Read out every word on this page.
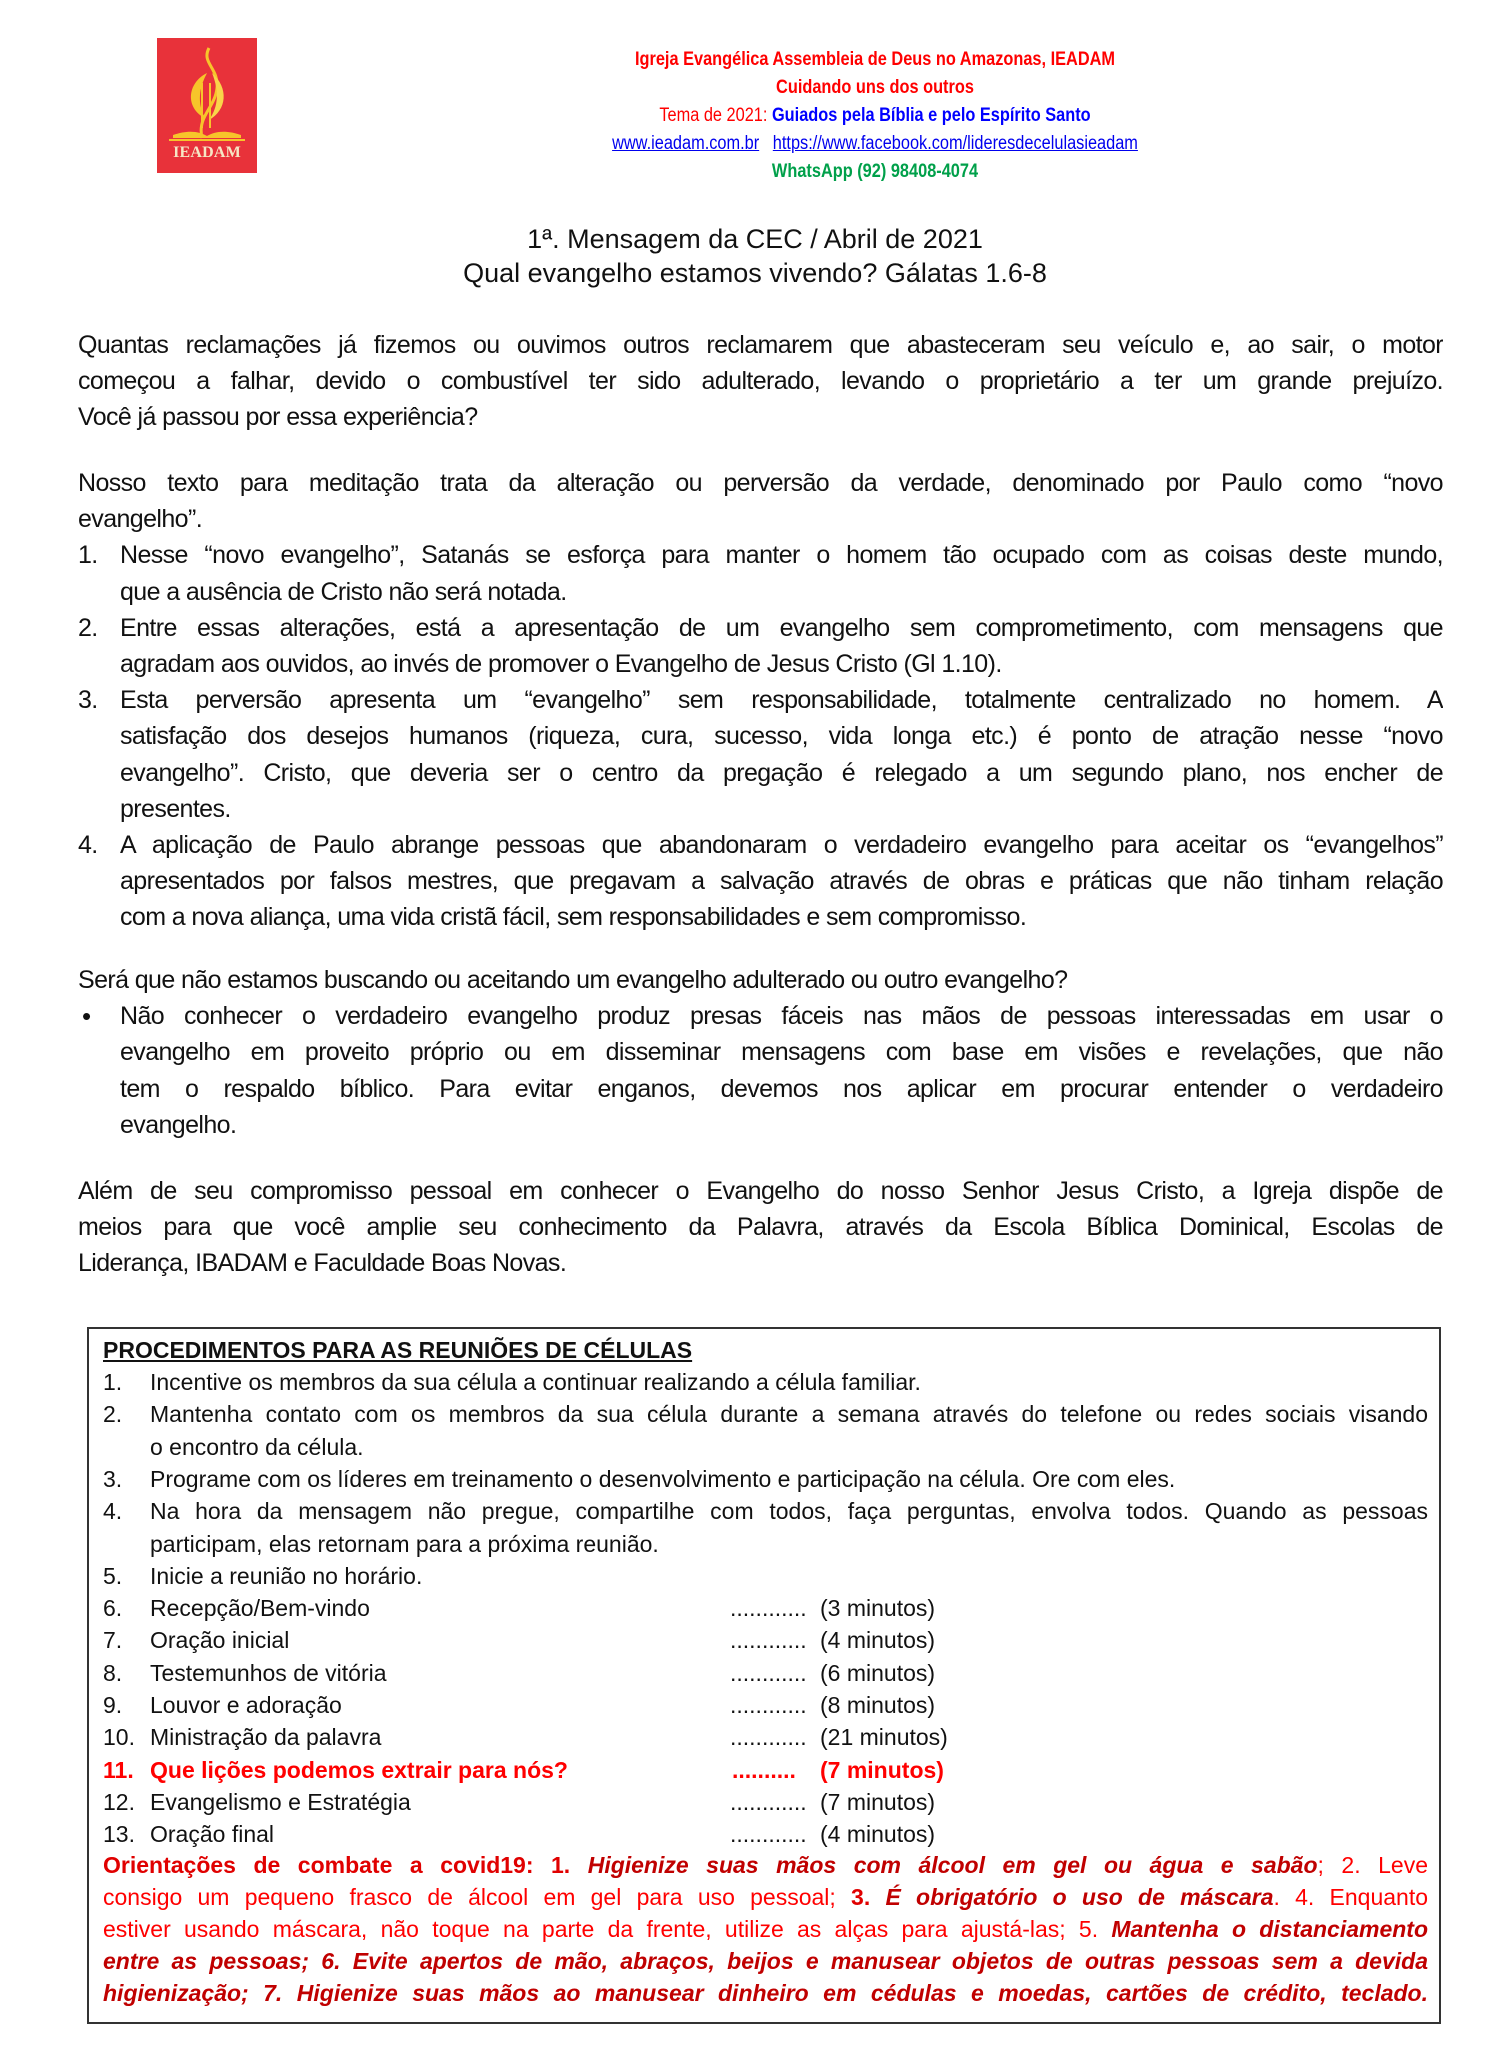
IEADAM
Igreja Evangélica Assembleia de Deus no Amazonas, IEADAM
Cuidando uns dos outros
Tema de 2021: Guiados pela Bíblia e pelo Espírito Santo
www.ieadam.com.br https://www.facebook.com/lideresdecelulasieadam
WhatsApp (92) 98408-4074
1ª. Mensagem da CEC / Abril de 2021
Qual evangelho estamos vivendo? Gálatas 1.6-8
Quantas reclamações já fizemos ou ouvimos outros reclamarem que abasteceram seu veículo e, ao sair, o motor
começou a falhar, devido o combustível ter sido adulterado, levando o proprietário a ter um grande prejuízo.
Você já passou por essa experiência?
Nosso texto para meditação trata da alteração ou perversão da verdade, denominado por Paulo como “novo
evangelho”.
1. Nesse “novo evangelho”, Satanás se esforça para manter o homem tão ocupado com as coisas deste mundo,
que a ausência de Cristo não será notada.
2. Entre essas alterações, está a apresentação de um evangelho sem comprometimento, com mensagens que
agradam aos ouvidos, ao invés de promover o Evangelho de Jesus Cristo (Gl 1.10).
3. Esta perversão apresenta um “evangelho” sem responsabilidade, totalmente centralizado no homem. A
satisfação dos desejos humanos (riqueza, cura, sucesso, vida longa etc.) é ponto de atração nesse “novo
evangelho”. Cristo, que deveria ser o centro da pregação é relegado a um segundo plano, nos encher de
presentes.
4. A aplicação de Paulo abrange pessoas que abandonaram o verdadeiro evangelho para aceitar os “evangelhos”
apresentados por falsos mestres, que pregavam a salvação através de obras e práticas que não tinham relação
com a nova aliança, uma vida cristã fácil, sem responsabilidades e sem compromisso.
Será que não estamos buscando ou aceitando um evangelho adulterado ou outro evangelho?
• Não conhecer o verdadeiro evangelho produz presas fáceis nas mãos de pessoas interessadas em usar o
evangelho em proveito próprio ou em disseminar mensagens com base em visões e revelações, que não
tem o respaldo bíblico. Para evitar enganos, devemos nos aplicar em procurar entender o verdadeiro
evangelho.
Além de seu compromisso pessoal em conhecer o Evangelho do nosso Senhor Jesus Cristo, a Igreja dispõe de
meios para que você amplie seu conhecimento da Palavra, através da Escola Bíblica Dominical, Escolas de
Liderança, IBADAM e Faculdade Boas Novas.
PROCEDIMENTOS PARA AS REUNIÕES DE CÉLULAS
1. Incentive os membros da sua célula a continuar realizando a célula familiar.
2. Mantenha contato com os membros da sua célula durante a semana através do telefone ou redes sociais visando
o encontro da célula.
3. Programe com os líderes em treinamento o desenvolvimento e participação na célula. Ore com eles.
4. Na hora da mensagem não pregue, compartilhe com todos, faça perguntas, envolva todos. Quando as pessoas
participam, elas retornam para a próxima reunião.
5. Inicie a reunião no horário.
6. Recepção/Bem-vindo	............ (3 minutos)
7. Oração inicial	............ (4 minutos)
8. Testemunhos de vitória	............ (6 minutos)
9. Louvor e adoração	............ (8 minutos)
10. Ministração da palavra	............ (21 minutos)
11. Que lições podemos extrair para nós?	.......... (7 minutos)
12. Evangelismo e Estratégia	............ (7 minutos)
13. Oração final	............ (4 minutos)
Orientações de combate a covid19: 1. Higienize suas mãos com álcool em gel ou água e sabão; 2. Leve
consigo um pequeno frasco de álcool em gel para uso pessoal; 3. É obrigatório o uso de máscara. 4. Enquanto
estiver usando máscara, não toque na parte da frente, utilize as alças para ajustá-las; 5. Mantenha o distanciamento
entre as pessoas; 6. Evite apertos de mão, abraços, beijos e manusear objetos de outras pessoas sem a devida
higienização; 7. Higienize suas mãos ao manusear dinheiro em cédulas e moedas, cartões de crédito, teclado.
